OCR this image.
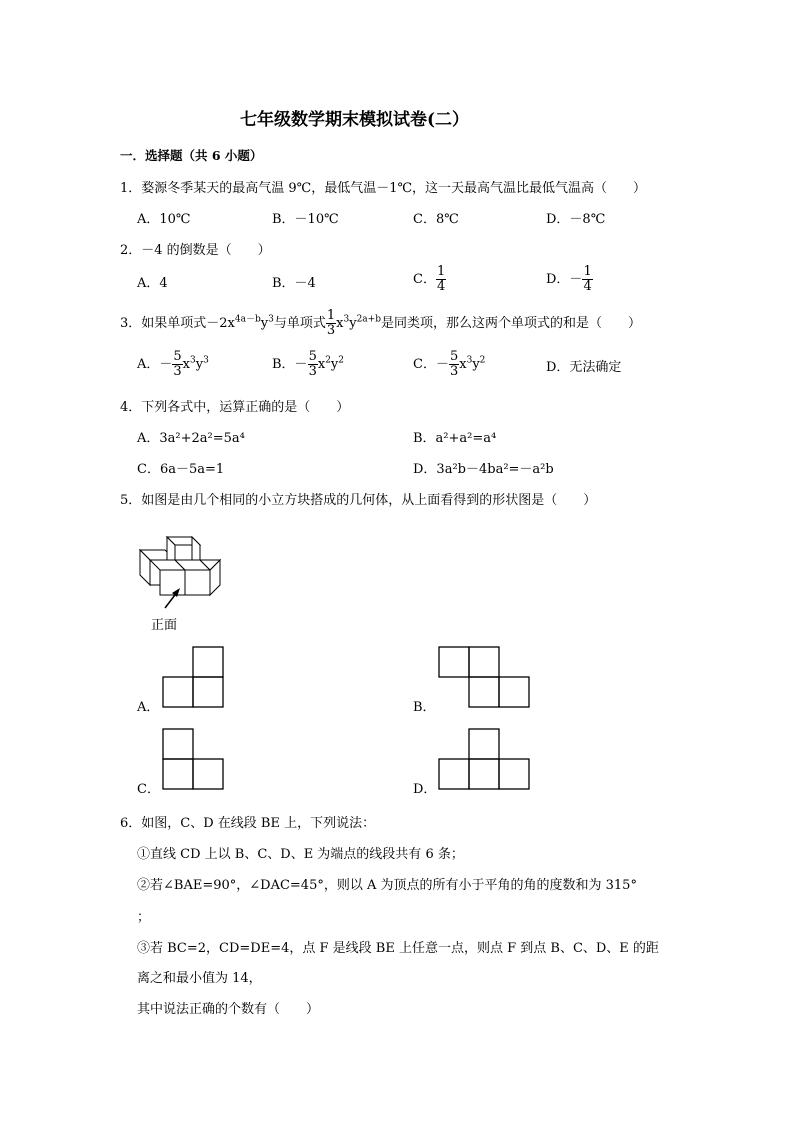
七年级数学期末模拟试卷(二）
一．选择题（共 6 小题）
1．婺源冬季某天的最高气温 9℃，最低气温－1℃，这一天最高气温比最低气温高（　　）
A．10℃	B．－10℃	C．8℃	D．－8℃
2．－4 的倒数是（　　）
A．4	B．－4	C． $\frac{1}{4}$	D．－ $\frac{1}{4}$
3．如果单项式$-2x^{4a-b}y^3$与单项式 $\frac{1}{3} x^3y^{2a+b}$是同类项，那么这两个单项式的和是（　　）
A．－ $\frac{5}{3} x^3y^3$	B．－ $\frac{5}{3} x^2y^2$	C．－ $\frac{5}{3} x^3y^2$	D．无法确定
4．下列各式中，运算正确的是（　　）
A．3a²+2a²=5a⁴	B．a²+a²=a⁴
C．6a－5a=1	D．3a²b－4ba²=－a²b
5．如图是由几个相同的小立方块搭成的几何体，从上面看得到的形状图是（　　）
正面
A．	B．
C．	D．
6．如图，C、D 在线段 BE 上，下列说法：
①直线 CD 上以 B、C、D、E 为端点的线段共有 6 条；
②若∠BAE=90°，∠DAC=45°，则以 A 为顶点的所有小于平角的角的度数和为 315°
；
③若 BC=2，CD=DE=4，点 F 是线段 BE 上任意一点，则点 F 到点 B、C、D、E 的距
离之和最小值为 14，
其中说法正确的个数有（　　）
